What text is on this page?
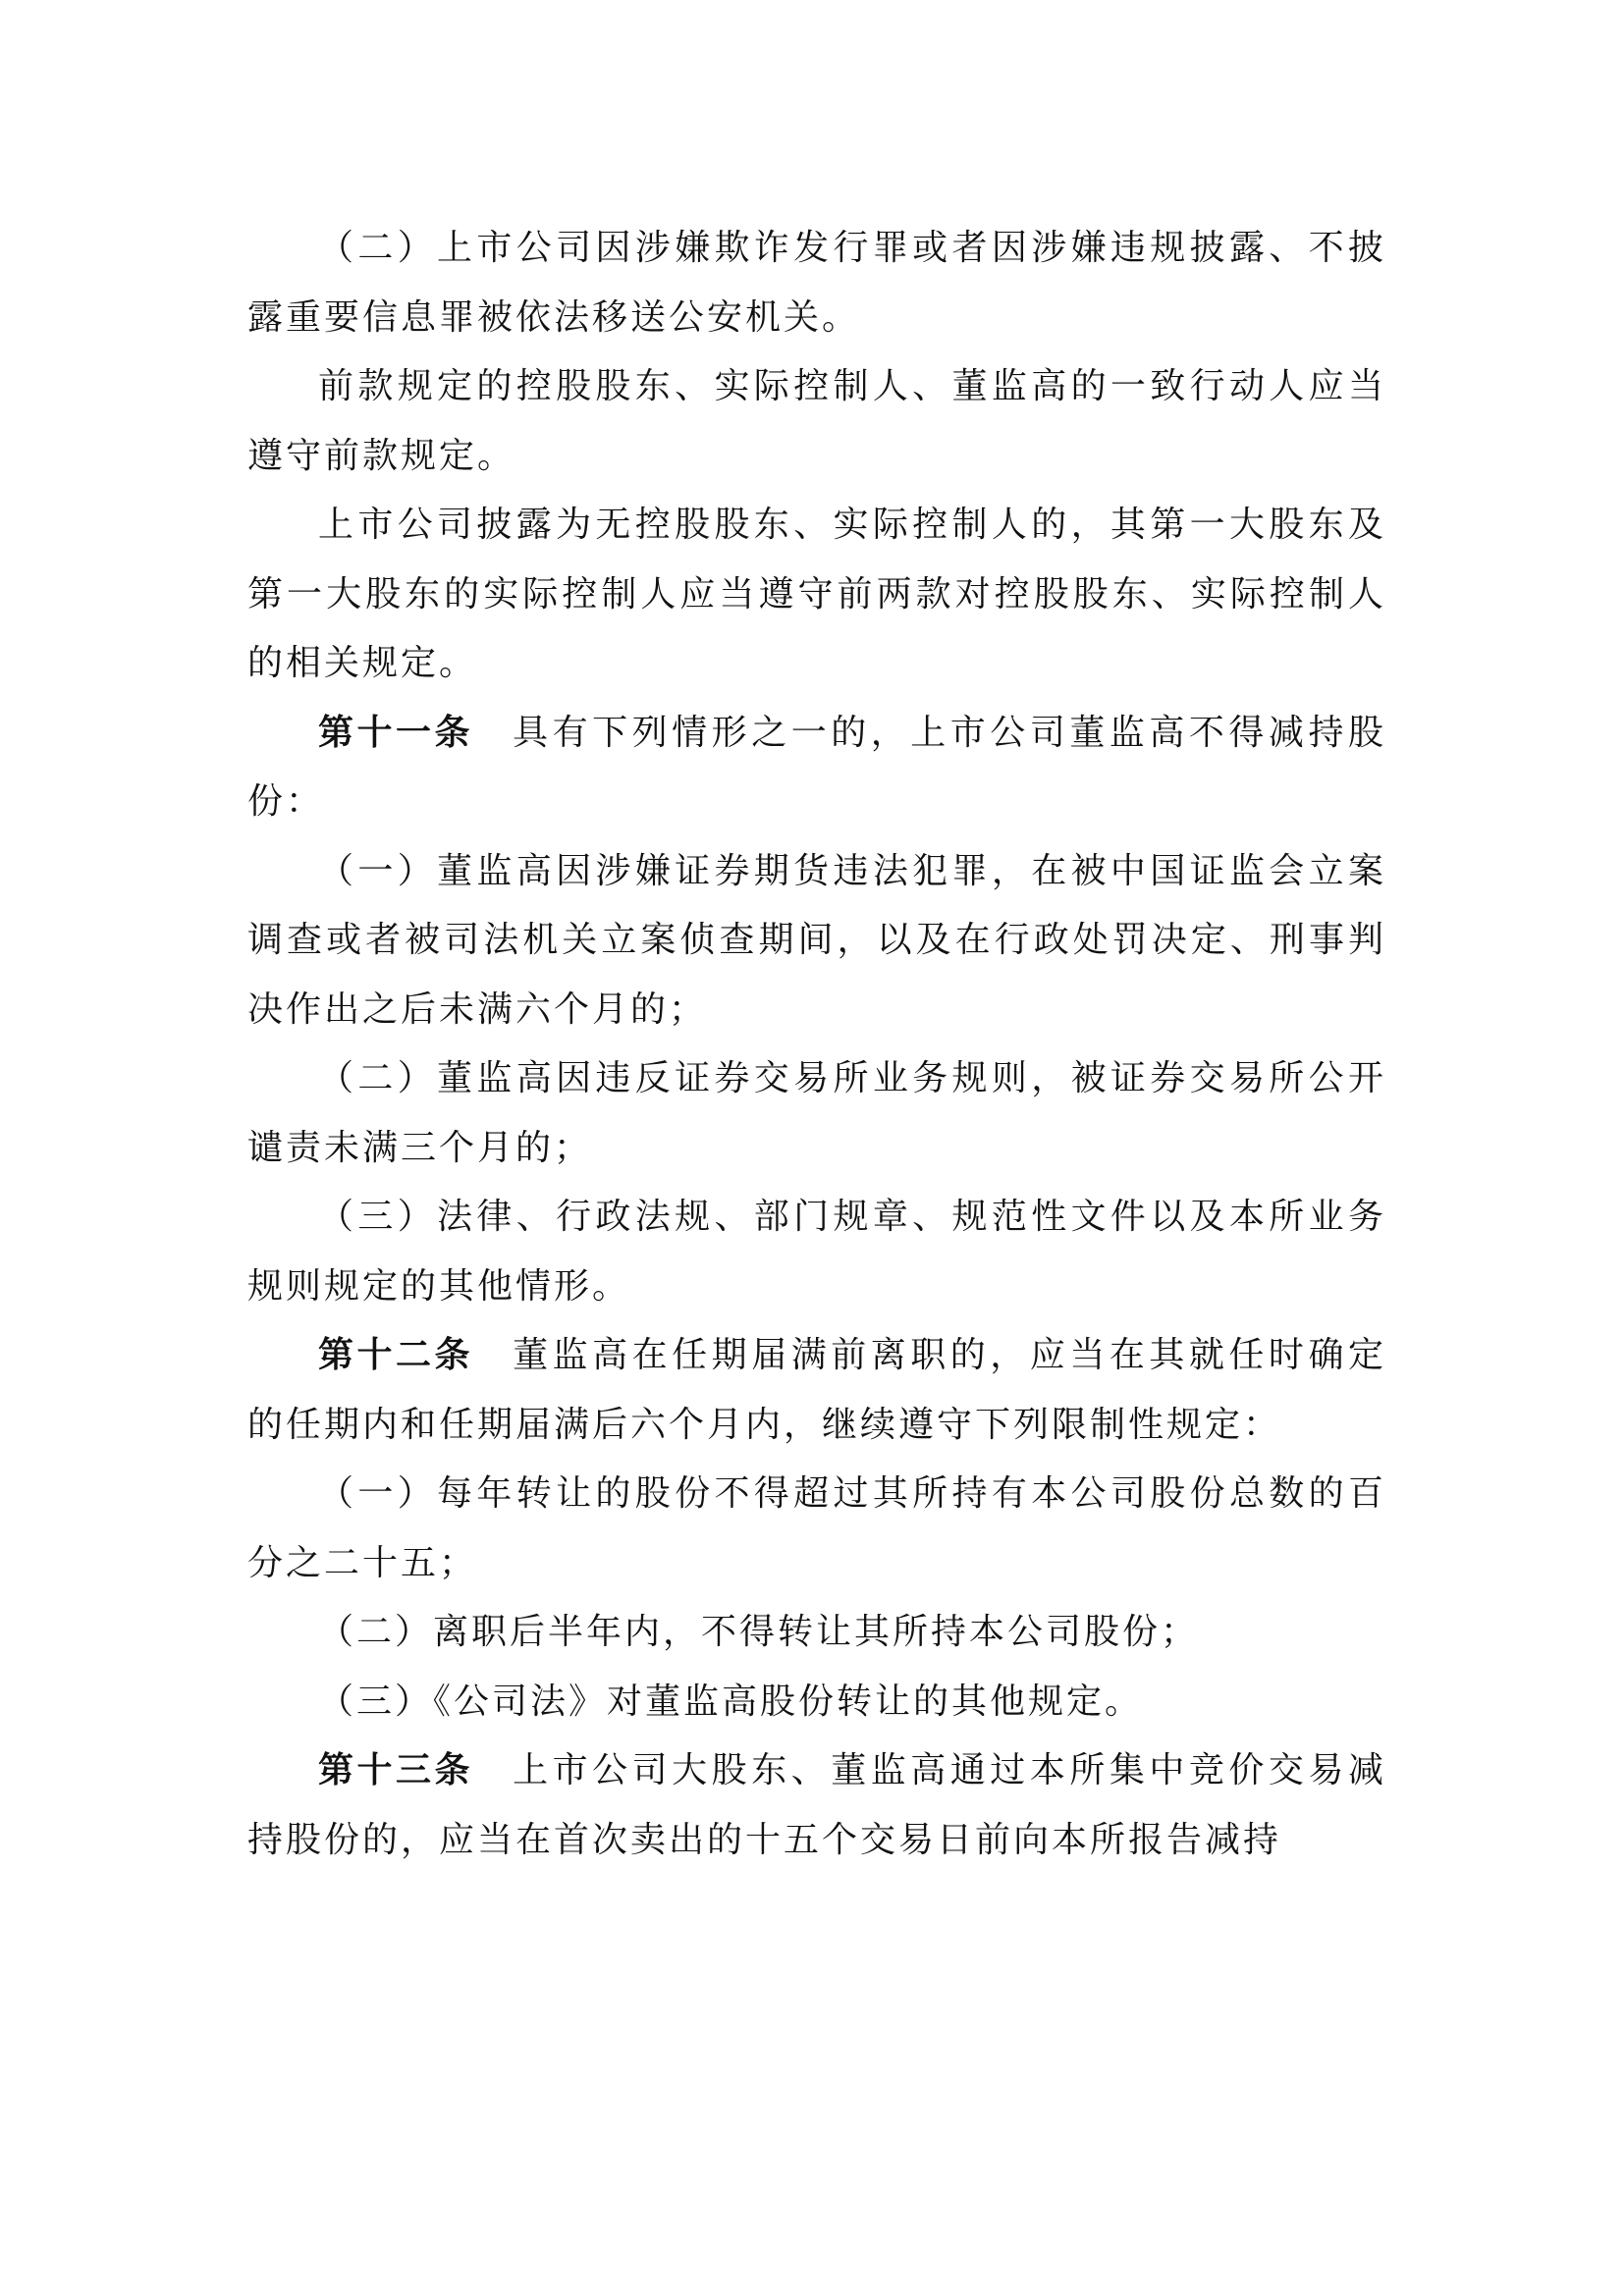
（二）上市公司因涉嫌欺诈发行罪或者因涉嫌违规披露、不披露重要信息罪被依法移送公安机关。

前款规定的控股股东、实际控制人、董监高的一致行动人应当遵守前款规定。

上市公司披露为无控股股东、实际控制人的，其第一大股东及第一大股东的实际控制人应当遵守前两款对控股股东、实际控制人的相关规定。

第十一条 具有下列情形之一的，上市公司董监高不得减持股份：

（一）董监高因涉嫌证券期货违法犯罪，在被中国证监会立案调查或者被司法机关立案侦查期间，以及在行政处罚决定、刑事判决作出之后未满六个月的；

（二）董监高因违反证券交易所业务规则，被证券交易所公开谴责未满三个月的；

（三）法律、行政法规、部门规章、规范性文件以及本所业务规则规定的其他情形。

第十二条 董监高在任期届满前离职的，应当在其就任时确定的任期内和任期届满后六个月内，继续遵守下列限制性规定：

（一）每年转让的股份不得超过其所持有本公司股份总数的百分之二十五；

（二）离职后半年内，不得转让其所持本公司股份；

（三）《公司法》对董监高股份转让的其他规定。

第十三条 上市公司大股东、董监高通过本所集中竞价交易减持股份的，应当在首次卖出的十五个交易日前向本所报告减持
